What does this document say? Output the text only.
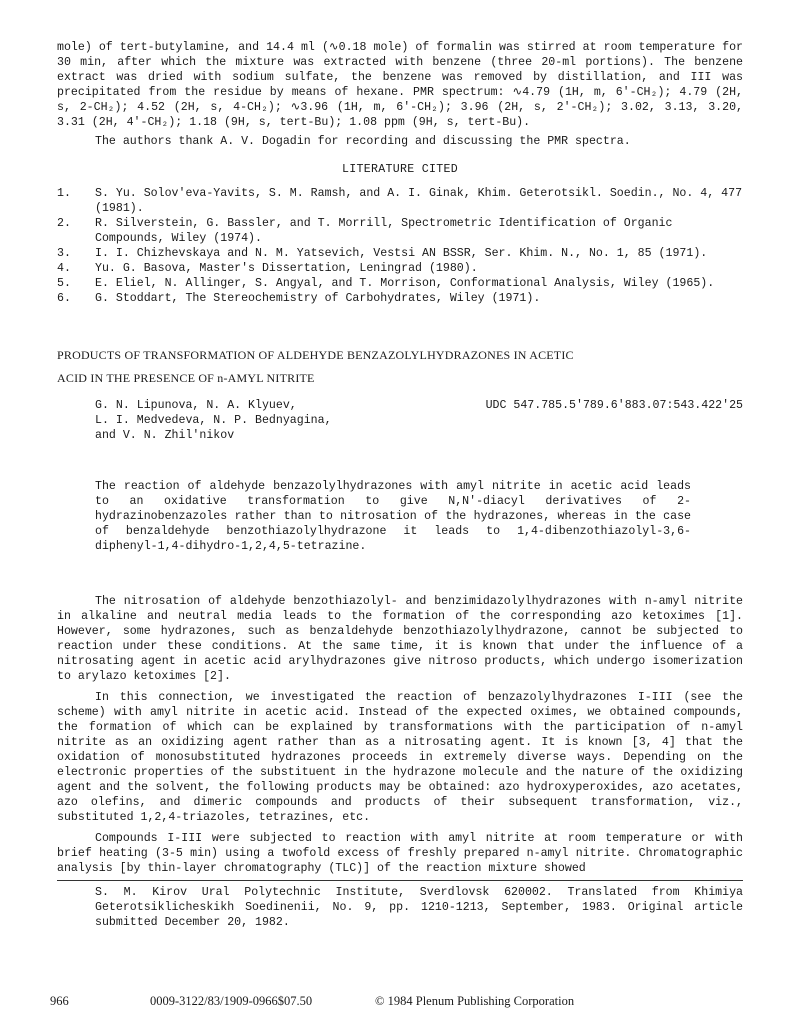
mole) of tert-butylamine, and 14.4 ml (∿0.18 mole) of formalin was stirred at room temperature for 30 min, after which the mixture was extracted with benzene (three 20-ml portions). The benzene extract was dried with sodium sulfate, the benzene was removed by distillation, and III was precipitated from the residue by means of hexane. PMR spectrum: ∿4.79 (1H, m, 6'-CH₂); 4.79 (2H, s, 2-CH₂); 4.52 (2H, s, 4-CH₂); ∿3.96 (1H, m, 6'-CH₂); 3.96 (2H, s, 2'-CH₂); 3.02, 3.13, 3.20, 3.31 (2H, 4'-CH₂); 1.18 (9H, s, tert-Bu); 1.08 ppm (9H, s, tert-Bu).

The authors thank A. V. Dogadin for recording and discussing the PMR spectra.

LITERATURE CITED

1.	S. Yu. Solov'eva-Yavits, S. M. Ramsh, and A. I. Ginak, Khim. Geterotsikl. Soedin., No. 4, 477 (1981).
2.	R. Silverstein, G. Bassler, and T. Morrill, Spectrometric Identification of Organic Compounds, Wiley (1974).
3.	I. I. Chizhevskaya and N. M. Yatsevich, Vestsi AN BSSR, Ser. Khim. N., No. 1, 85 (1971).
4.	Yu. G. Basova, Master's Dissertation, Leningrad (1980).
5.	E. Eliel, N. Allinger, S. Angyal, and T. Morrison, Conformational Analysis, Wiley (1965).
6.	G. Stoddart, The Stereochemistry of Carbohydrates, Wiley (1971).
PRODUCTS OF TRANSFORMATION OF ALDEHYDE BENZAZOLYLHYDRAZONES IN ACETIC
ACID IN THE PRESENCE OF n-AMYL NITRITE
G. N. Lipunova, N. A. Klyuev,
L. I. Medvedeva, N. P. Bednyagina,
and V. N. Zhil'nikov
UDC 547.785.5'789.6'883.07:543.422'25

The reaction of aldehyde benzazolylhydrazones with amyl nitrite in acetic acid leads to an oxidative transformation to give N,N'-diacyl derivatives of 2-hydrazinobenzazoles rather than to nitrosation of the hydrazones, whereas in the case of benzaldehyde benzothiazolylhydrazone it leads to 1,4-dibenzothiazolyl-3,6-diphenyl-1,4-dihydro-1,2,4,5-tetrazine.

The nitrosation of aldehyde benzothiazolyl- and benzimidazolylhydrazones with n-amyl nitrite in alkaline and neutral media leads to the formation of the corresponding azo ketoximes [1]. However, some hydrazones, such as benzaldehyde benzothiazolylhydrazone, cannot be subjected to reaction under these conditions. At the same time, it is known that under the influence of a nitrosating agent in acetic acid arylhydrazones give nitroso products, which undergo isomerization to arylazo ketoximes [2].

In this connection, we investigated the reaction of benzazolylhydrazones I-III (see the scheme) with amyl nitrite in acetic acid. Instead of the expected oximes, we obtained compounds, the formation of which can be explained by transformations with the participation of n-amyl nitrite as an oxidizing agent rather than as a nitrosating agent. It is known [3, 4] that the oxidation of monosubstituted hydrazones proceeds in extremely diverse ways. Depending on the electronic properties of the substituent in the hydrazone molecule and the nature of the oxidizing agent and the solvent, the following products may be obtained: azo hydroxyperoxides, azo acetates, azo olefins, and dimeric compounds and products of their subsequent transformation, viz., substituted 1,2,4-triazoles, tetrazines, etc.

Compounds I-III were subjected to reaction with amyl nitrite at room temperature or with brief heating (3-5 min) using a twofold excess of freshly prepared n-amyl nitrite. Chromatographic analysis [by thin-layer chromatography (TLC)] of the reaction mixture showed

S. M. Kirov Ural Polytechnic Institute, Sverdlovsk 620002. Translated from Khimiya Geterotsiklicheskikh Soedinenii, No. 9, pp. 1210-1213, September, 1983. Original article submitted December 20, 1982.

966	0009-3122/83/1909-0966$07.50	© 1984 Plenum Publishing Corporation
